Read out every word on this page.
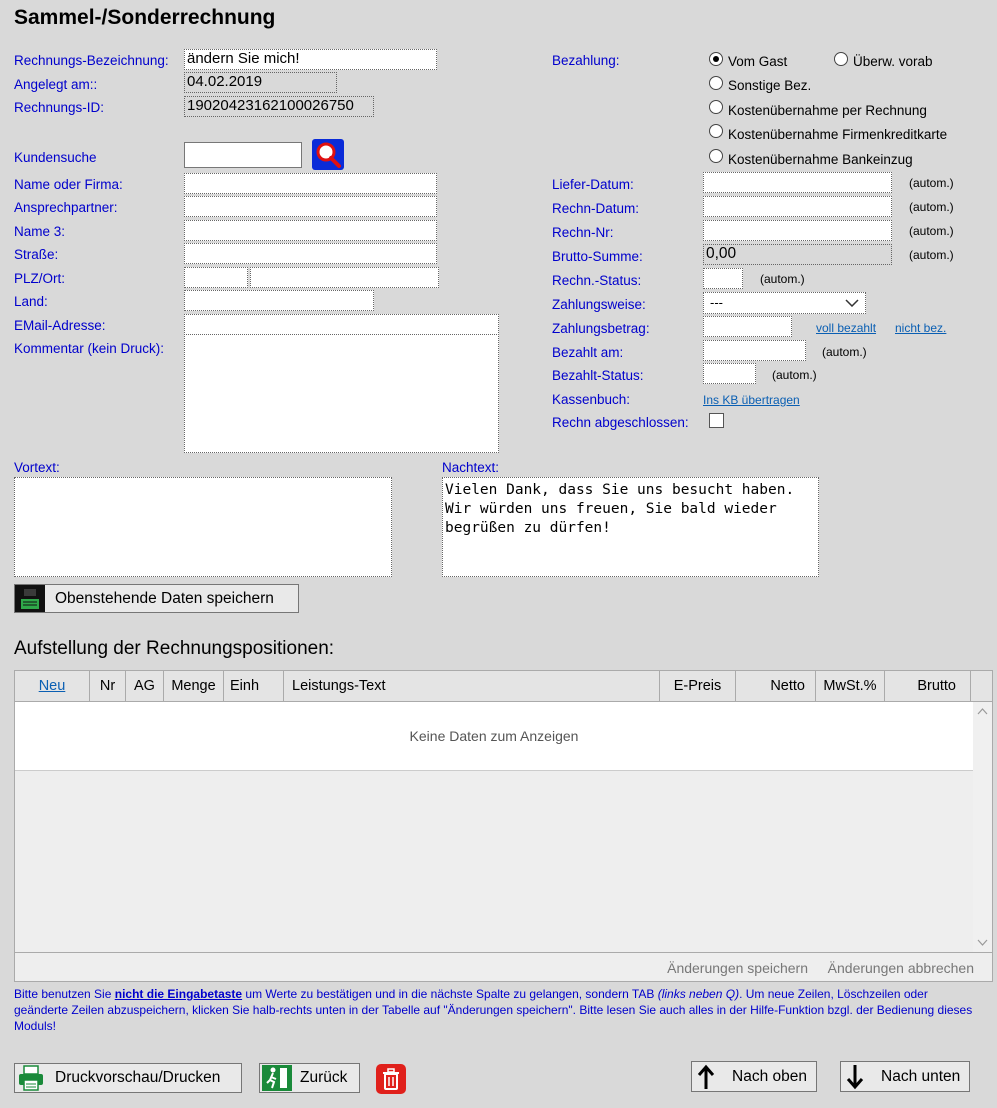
Sammel-/Sonderrechnung
Rechnungs-Bezeichnung: ändern Sie mich!
Angelegt am::	04.02.2019
Rechnungs-ID:	1902042316210002675​0
Kundensuche
Name oder Firma:
Ansprechpartner:
Name 3:
Straße:
PLZ/Ort:
Land:
EMail-Adresse:
Kommentar (kein Druck):
Bezahlung:	Vom Gast	Überw. vorab
Sonstige Bez.
Kostenübernahme per Rechnung
Kostenübernahme Firmenkreditkarte
Kostenübernahme Bankeinzug
Liefer-Datum:	(autom.)
Rechn-Datum:	(autom.)
Rechn-Nr:	(autom.)
Brutto-Summe:	0,00	(autom.)
Rechn.-Status:	(autom.)
Zahlungsweise:	---
Zahlungsbetrag:	voll bezahlt nicht bez.
Bezahlt am:	(autom.)
Bezahlt-Status:	(autom.)
Kassenbuch:	Ins KB übertragen
Rechn abgeschlossen:
Vortext:	Nachtext:
Vielen Dank, dass Sie uns besucht haben.
Wir würden uns freuen, Sie bald wieder
begrüßen zu dürfen!
Obenstehende Daten speichern
Aufstellung der Rechnungspositionen:
Neu	Nr	AG	Menge Einh	Leistungs-Text	E-Preis	Netto	MwSt.%	Brutto
Keine Daten zum Anzeigen
Änderungen speichern Änderungen abbrechen
Bitte benutzen Sie nicht die Eingabetaste um Werte zu bestätigen und in die nächste Spalte zu gelangen, sondern TAB (links neben Q). Um neue Zeilen, Löschzeilen oder geänderte Zeilen abzuspeichern, klicken Sie halb-rechts unten in der Tabelle auf "Änderungen speichern". Bitte lesen Sie auch alles in der Hilfe-Funktion bzgl. der Bedienung dieses Moduls!
Druckvorschau/Drucken	Zurück	Nach oben	Nach unten
